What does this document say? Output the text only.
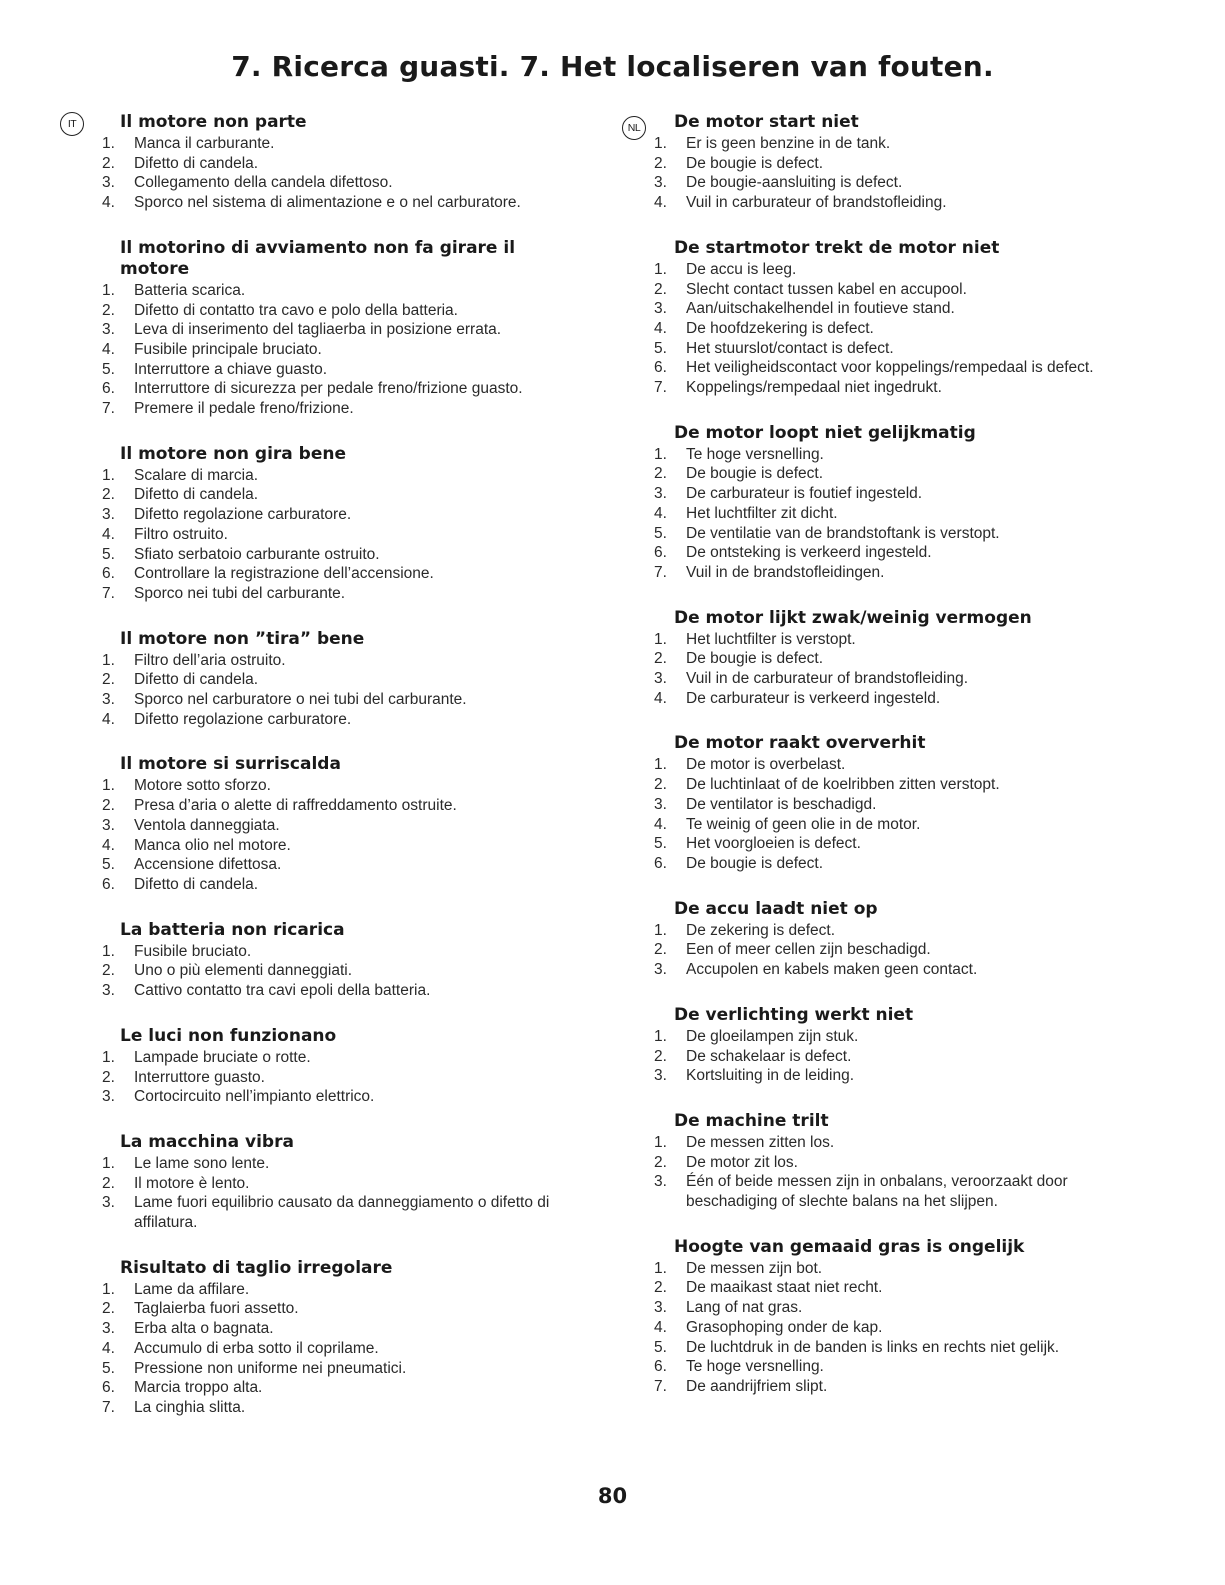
7. Ricerca guasti. 7. Het localiseren van fouten.
IT	Il motore non parte
1. Manca il carburante.
2. Difetto di candela.
3. Collegamento della candela difettoso.
4. Sporco nel sistema di alimentazione e o nel carburatore.
Il motorino di avviamento non fa girare il motore
1. Batteria scarica.
2. Difetto di contatto tra cavo e polo della batteria.
3. Leva di inserimento del tagliaerba in posizione errata.
4. Fusibile principale bruciato.
5. Interruttore a chiave guasto.
6. Interruttore di sicurezza per pedale freno/frizione guasto.
7. Premere il pedale freno/frizione.
Il motore non gira bene
1. Scalare di marcia.
2. Difetto di candela.
3. Difetto regolazione carburatore.
4. Filtro ostruito.
5. Sfiato serbatoio carburante ostruito.
6. Controllare la registrazione dell’accensione.
7. Sporco nei tubi del carburante.
Il motore non ”tira” bene
1. Filtro dell’aria ostruito.
2. Difetto di candela.
3. Sporco nel carburatore o nei tubi del carburante.
4. Difetto regolazione carburatore.
Il motore si surriscalda
1. Motore sotto sforzo.
2. Presa d’aria o alette di raffreddamento ostruite.
3. Ventola danneggiata.
4. Manca olio nel motore.
5. Accensione difettosa.
6. Difetto di candela.
La batteria non ricarica
1. Fusibile bruciato.
2. Uno o più elementi danneggiati.
3. Cattivo contatto tra cavi epoli della batteria.
Le luci non funzionano
1. Lampade bruciate o rotte.
2. Interruttore guasto.
3. Cortocircuito nell’impianto elettrico.
La macchina vibra
1. Le lame sono lente.
2. Il motore è lento.
3. Lame fuori equilibrio causato da danneggiamento o difetto di affilatura.
Risultato di taglio irregolare
1. Lame da affilare.
2. Taglaierba fuori assetto.
3. Erba alta o bagnata.
4. Accumulo di erba sotto il coprilame.
5. Pressione non uniforme nei pneumatici.
6. Marcia troppo alta.
7. La cinghia slitta.
NL	De motor start niet
1. Er is geen benzine in de tank.
2. De bougie is defect.
3. De bougie-aansluiting is defect.
4. Vuil in carburateur of brandstofleiding.
De startmotor trekt de motor niet
1. De accu is leeg.
2. Slecht contact tussen kabel en accupool.
3. Aan/uitschakelhendel in foutieve stand.
4. De hoofdzekering is defect.
5. Het stuurslot/contact is defect.
6. Het veiligheidscontact voor koppelings/rempedaal is defect.
7. Koppelings/rempedaal niet ingedrukt.
De motor loopt niet gelijkmatig
1. Te hoge versnelling.
2. De bougie is defect.
3. De carburateur is foutief ingesteld.
4. Het luchtfilter zit dicht.
5. De ventilatie van de brandstoftank is verstopt.
6. De ontsteking is verkeerd ingesteld.
7. Vuil in de brandstofleidingen.
De motor lijkt zwak/weinig vermogen
1. Het luchtfilter is verstopt.
2. De bougie is defect.
3. Vuil in de carburateur of brandstofleiding.
4. De carburateur is verkeerd ingesteld.
De motor raakt oververhit
1. De motor is overbelast.
2. De luchtinlaat of de koelribben zitten verstopt.
3. De ventilator is beschadigd.
4. Te weinig of geen olie in de motor.
5. Het voorgloeien is defect.
6. De bougie is defect.
De accu laadt niet op
1. De zekering is defect.
2. Een of meer cellen zijn beschadigd.
3. Accupolen en kabels maken geen contact.
De verlichting werkt niet
1. De gloeilampen zijn stuk.
2. De schakelaar is defect.
3. Kortsluiting in de leiding.
De machine trilt
1. De messen zitten los.
2. De motor zit los.
3. Één of beide messen zijn in onbalans, veroorzaakt door beschadiging of slechte balans na het slijpen.
Hoogte van gemaaid gras is ongelijk
1. De messen zijn bot.
2. De maaikast staat niet recht.
3. Lang of nat gras.
4. Grasophoping onder de kap.
5. De luchtdruk in de banden is links en rechts niet gelijk.
6. Te hoge versnelling.
7. De aandrijfriem slipt.
80
